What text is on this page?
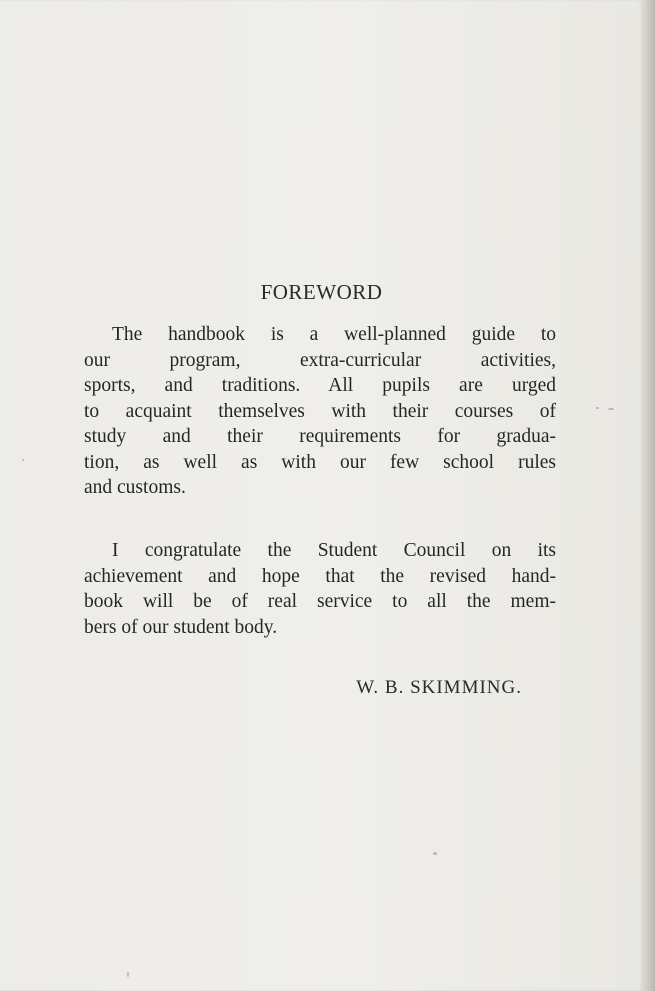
FOREWORD
The handbook is a well-planned guide to
our program, extra-curricular activities,
sports, and traditions. All pupils are urged
to acquaint themselves with their courses of
study and their requirements for gradua-
tion, as well as with our few school rules
and customs.
I congratulate the Student Council on its
achievement and hope that the revised hand-
book will be of real service to all the mem-
bers of our student body.
W. B. SKIMMING.
